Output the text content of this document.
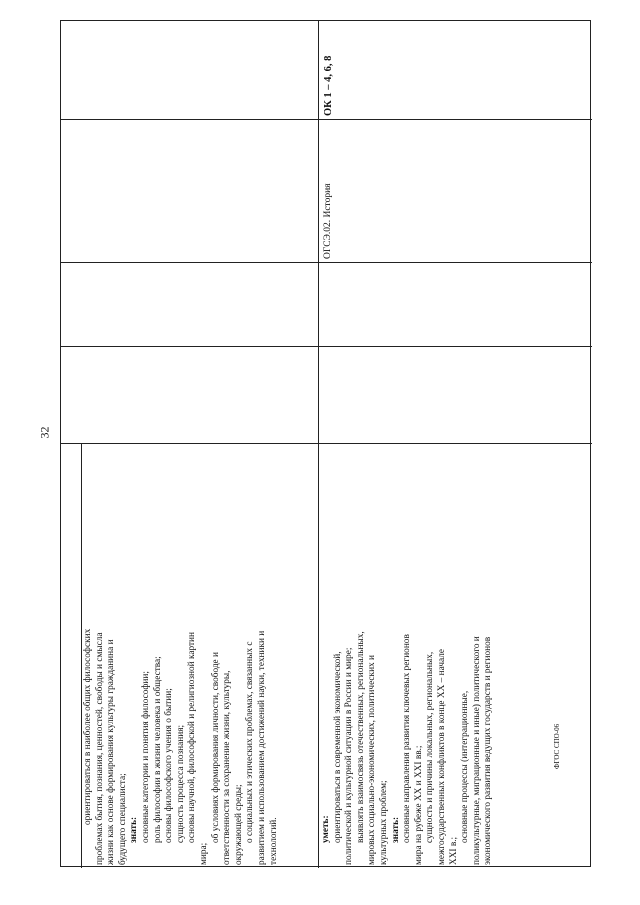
32
ФГОС СПО-06

ориентироваться в наиболее общих философских проблемах бытия, познания, ценностей, свободы и смысла жизни как основе формирования культуры гражданина и будущего специалиста; знать: основные категории и понятия философии; роль философии в жизни человека и общества; основы философского учения о бытии; сущность процесса познания; основы научной, философской и религиозной картин

мира;

об условиях формирования личности, свободе и ответственности за сохранение жизни, культуры, окружающей среды; о социальных и этических проблемах, связанных с развитием и использованием достижений науки, техники и технологий.	уметь: ориентироваться в современной экономической, политической и культурной ситуации в России и мире; выявлять взаимосвязь отечественных, региональных, мировых социально-экономических, политических и культурных проблем; знать: основные направления развития ключевых регионов мира на рубеже XX и XXI вв.; сущность и причины локальных, региональных, межгосударственных конфликтов в конце XX – начале XXI в.;

основные процессы (интеграционные, поликультурные, миграционные и иные) политического и экономического развития ведущих государств и регионов

ОГСЭ.02. История
ОК 1 – 4, 6, 8
